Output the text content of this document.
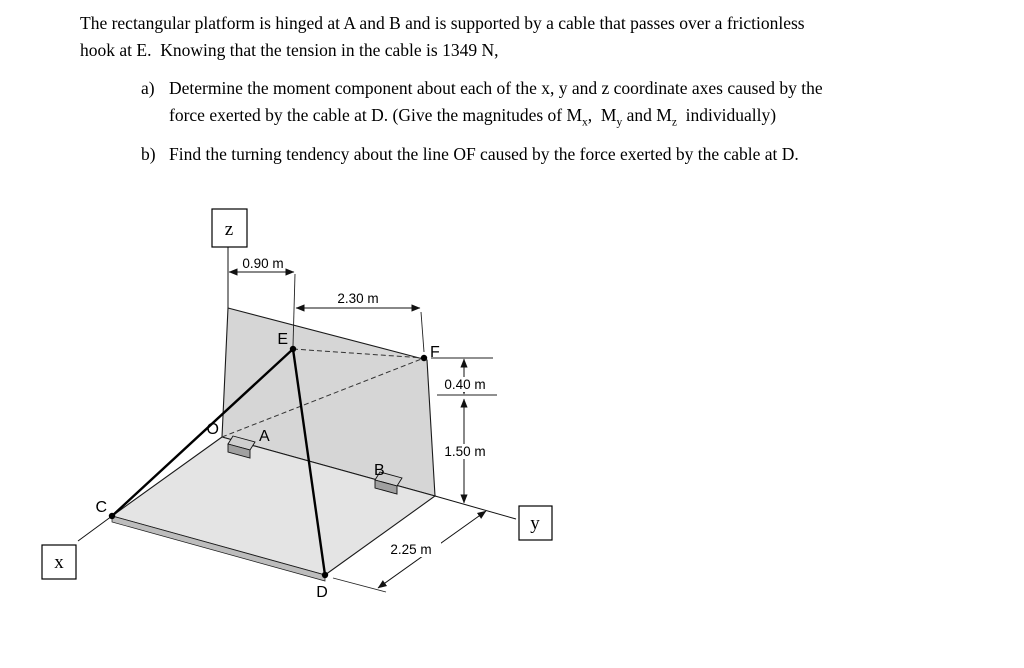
The rectangular platform is hinged at A and B and is supported by a cable that passes over a frictionless
hook at E.  Knowing that the tension in the cable is 1349 N,
a) Determine the moment component about each of the x, y and z coordinate axes caused by the
force exerted by the cable at D. (Give the magnitudes of $M_x$,  $M_y$ and $M_z$  individually)
b) Find the turning tendency about the line OF caused by the force exerted by the cable at D.
0.90 m
2.30 m
0.40 m
1.50 m
2.25 m
O	A
B
C
D
E
F
z
y
x
